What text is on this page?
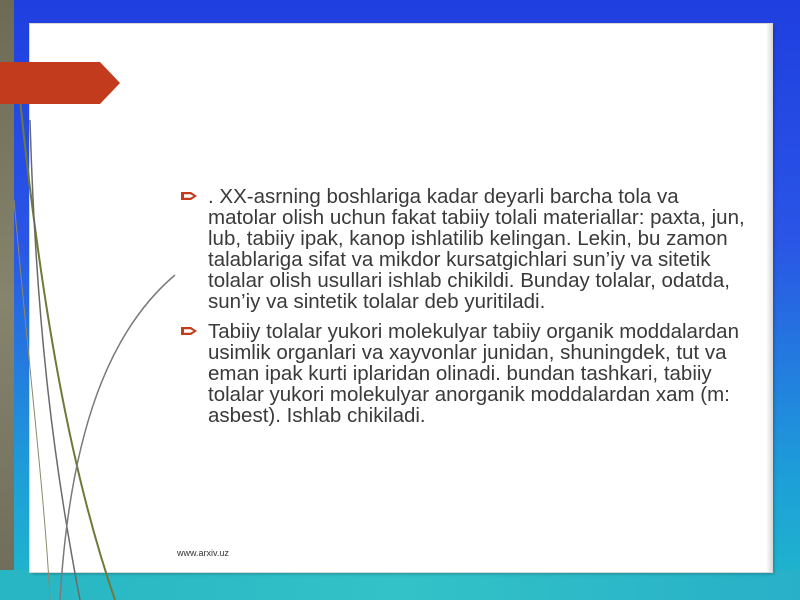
. XX-asrning boshlariga kadar deyarli barcha tola va matolar olish uchun fakat tabiiy tolali materiallar: paxta, jun, lub, tabiiy ipak, kanop ishlatilib kelingan. Lekin, bu zamon talablariga sifat va mikdor kursatgichlari sun’iy va sitetik tolalar olish usullari ishlab chikildi. Bunday tolalar, odatda, sun’iy va sintetik tolalar deb yuritiladi.
Tabiiy tolalar yukori molekulyar tabiiy organik moddalardan usimlik organlari va xayvonlar junidan, shuningdek, tut va eman ipak kurti iplaridan olinadi. bundan tashkari, tabiiy tolalar yukori molekulyar anorganik moddalardan xam (m: asbest). Ishlab chikiladi.
www.arxiv.uz
